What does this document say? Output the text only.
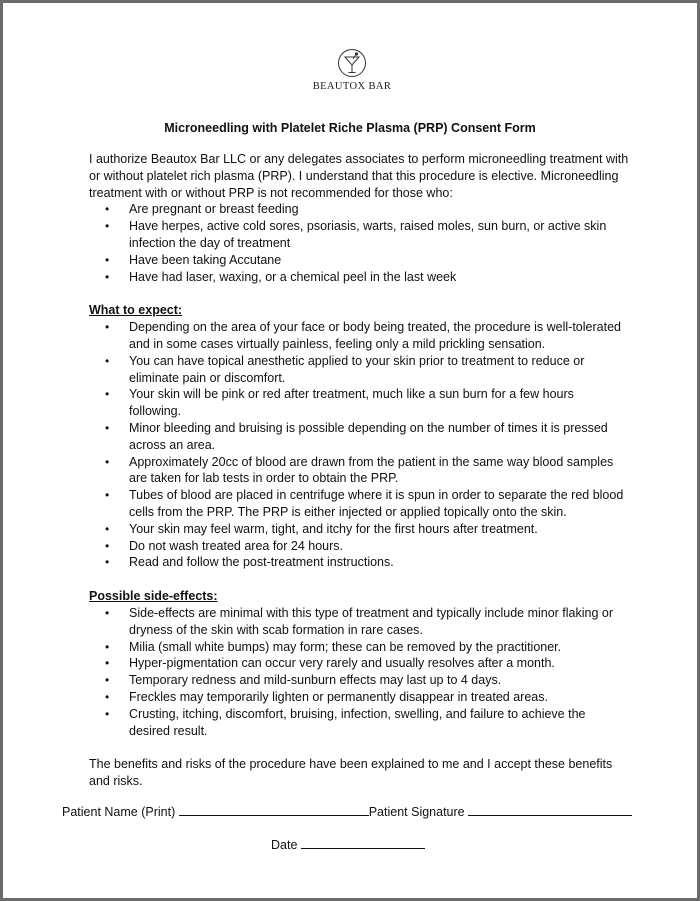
BEAUTOX BAR
Microneedling with Platelet Riche Plasma (PRP) Consent Form

I authorize Beautox Bar LLC or any delegates associates to perform microneedling treatment with or without platelet rich plasma (PRP). I understand that this procedure is elective. Microneedling treatment with or without PRP is not recommended for those who:

• Are pregnant or breast feeding
• Have herpes, active cold sores, psoriasis, warts, raised moles, sun burn, or active skin infection the day of treatment
• Have been taking Accutane
• Have had laser, waxing, or a chemical peel in the last week

What to expect:

• Depending on the area of your face or body being treated, the procedure is well-tolerated and in some cases virtually painless, feeling only a mild prickling sensation.
• You can have topical anesthetic applied to your skin prior to treatment to reduce or eliminate pain or discomfort.
• Your skin will be pink or red after treatment, much like a sun burn for a few hours following.
• Minor bleeding and bruising is possible depending on the number of times it is pressed across an area.
• Approximately 20cc of blood are drawn from the patient in the same way blood samples are taken for lab tests in order to obtain the PRP.
• Tubes of blood are placed in centrifuge where it is spun in order to separate the red blood cells from the PRP. The PRP is either injected or applied topically onto the skin.
• Your skin may feel warm, tight, and itchy for the first hours after treatment.
• Do not wash treated area for 24 hours.
• Read and follow the post-treatment instructions.

Possible side-effects:

• Side-effects are minimal with this type of treatment and typically include minor flaking or dryness of the skin with scab formation in rare cases.
• Milia (small white bumps) may form; these can be removed by the practitioner.
• Hyper-pigmentation can occur very rarely and usually resolves after a month.
• Temporary redness and mild-sunburn effects may last up to 4 days.
• Freckles may temporarily lighten or permanently disappear in treated areas.
• Crusting, itching, discomfort, bruising, infection, swelling, and failure to achieve the desired result.

The benefits and risks of the procedure have been explained to me and I accept these benefits and risks.

Patient Name (Print)	Patient Signature
Date
